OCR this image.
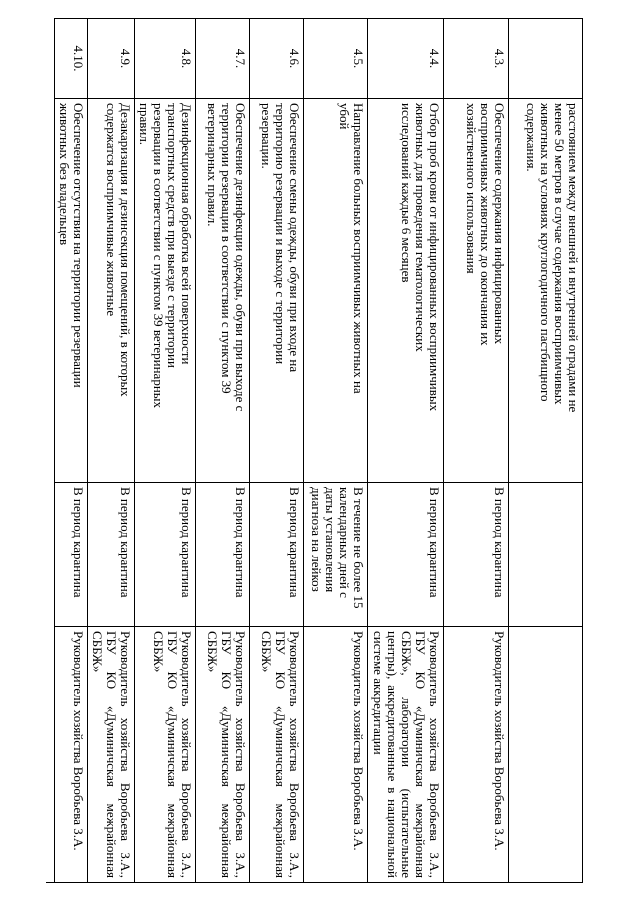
	расстоянием между внешней и внутренней оградами не
менее 50 метров в случае содержания восприимчивых
животных на условиях круглогодичного пастбищного
содержания.		

4.3.	Обеспечение содержания инфицированных
восприимчивых животных до окончания их
хозяйственного использования	В период карантина	Руководитель хозяйства Воробьева З.А.
4.4.	Отбор проб крови от инфицированных восприимчивых
животных для проведения гематологических
исследований каждые 6 месяцев	В период карантина	Руководитель хозяйства Воробьева З.А., ГБУ КО «Думиничская межрайонная СББЖ», лаборатории (испытательные центры), аккредитованные в национальной системе аккредитации
4.5.	Направление больных восприимчивых животных на
убой	В течение не более 15 календарных дней с даты установления диагноза на лейкоз	Руководитель хозяйства Воробьева З.А.
4.6.	Обеспечение смены одежды, обуви при входе на
территорию резервации и выходе с территории
резервации.	В период карантина	Руководитель хозяйства Воробьева З.А., ГБУ КО «Думиничская межрайонная СББЖ»
4.7.	Обеспечение дезинфекции одежды, обуви при выходе с
территории резервации в соответствии с пунктом 39
ветеринарных правил.	В период карантина	Руководитель хозяйства Воробьева З.А., ГБУ КО «Думиничская межрайонная СББЖ»
4.8.	Дезинфекционная обработка всей поверхности
транспортных средств при выезде с территории
резервации в соответствии с пунктом 39 ветеринарных
правил.	В период карантина	Руководитель хозяйства Воробьева З.А., ГБУ КО «Думиничская межрайонная СББЖ»
4.9.	Дезакаризация и дезинсекция помещений, в которых
содержатся восприимчивые животные	В период карантина	Руководитель хозяйства Воробьева З.А., ГБУ КО «Думиничская межрайонная СББЖ»
4.10.	Обеспечение отсутствия на территории резервации
животных без владельцев	В период карантина	Руководитель хозяйства Воробьева З.А.
